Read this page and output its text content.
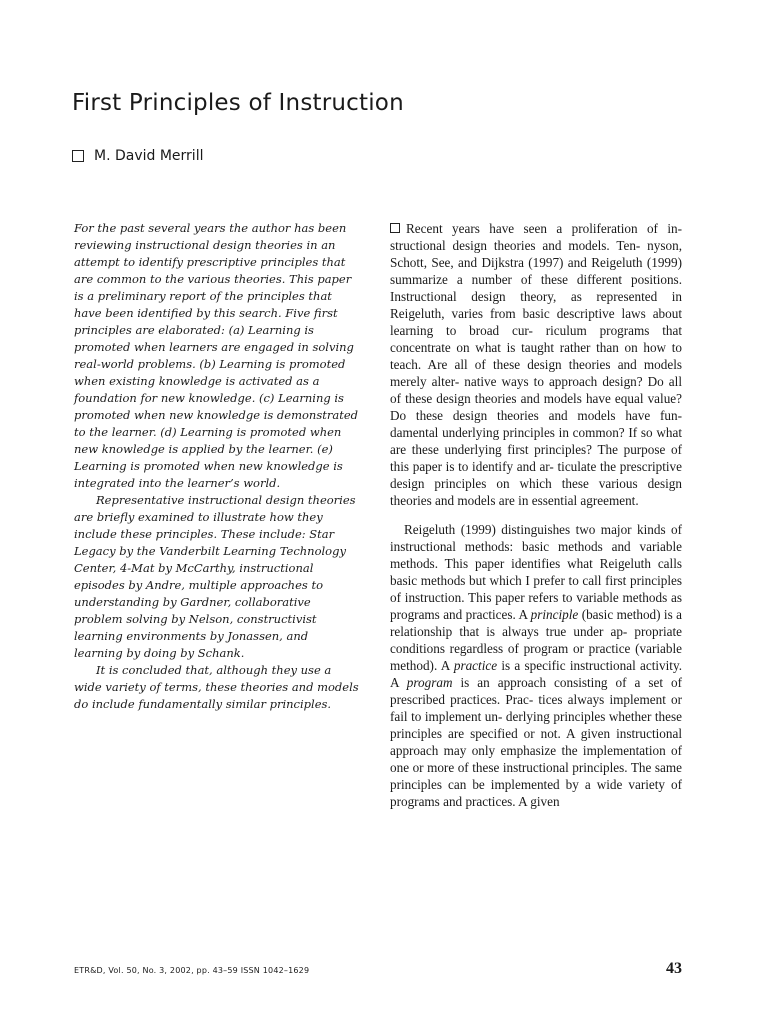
First Principles of Instruction
M. David Merrill

For the past several years the author has been reviewing instructional design theories in an attempt to identify prescriptive principles that are common to the various theories. This paper is a preliminary report of the principles that have been identified by this search. Five first principles are elaborated: (a) Learning is promoted when learners are engaged in solving real-world problems. (b) Learning is promoted when existing knowledge is activated as a foundation for new knowledge. (c) Learning is promoted when new knowledge is demonstrated to the learner. (d) Learning is promoted when new knowledge is applied by the learner. (e) Learning is promoted when new knowledge is integrated into the learner’s world.

Representative instructional design theories are briefly examined to illustrate how they include these principles. These include: Star Legacy by the Vanderbilt Learning Technology Center, 4-Mat by McCarthy, instructional episodes by Andre, multiple approaches to understanding by Gardner, collaborative problem solving by Nelson, constructivist learning environments by Jonassen, and learning by doing by Schank.

It is concluded that, although they use a wide variety of terms, these theories and models do include fundamentally similar principles.

Recent years have seen a proliferation of in- structional design theories and models. Ten- nyson, Schott, See, and Dijkstra (1997) and Reigeluth (1999) summarize a number of these different positions. Instructional design theory, as represented in Reigeluth, varies from basic descriptive laws about learning to broad cur- riculum programs that concentrate on what is taught rather than on how to teach. Are all of these design theories and models merely alter- native ways to approach design? Do all of these design theories and models have equal value? Do these design theories and models have fun- damental underlying principles in common? If so what are these underlying first principles? The purpose of this paper is to identify and ar- ticulate the prescriptive design principles on which these various design theories and models are in essential agreement.

Reigeluth (1999) distinguishes two major kinds of instructional methods: basic methods and variable methods. This paper identifies what Reigeluth calls basic methods but which I prefer to call first principles of instruction. This paper refers to variable methods as programs and practices. A principle (basic method) is a relationship that is always true under ap- propriate conditions regardless of program or practice (variable method). A practice is a specific instructional activity. A program is an approach consisting of a set of prescribed practices. Prac- tices always implement or fail to implement un- derlying principles whether these principles are specified or not. A given instructional approach may only emphasize the implementation of one or more of these instructional principles. The same principles can be implemented by a wide variety of programs and practices. A given

ETR&D, Vol. 50, No. 3, 2002, pp. 43–59 ISSN 1042–1629	43
